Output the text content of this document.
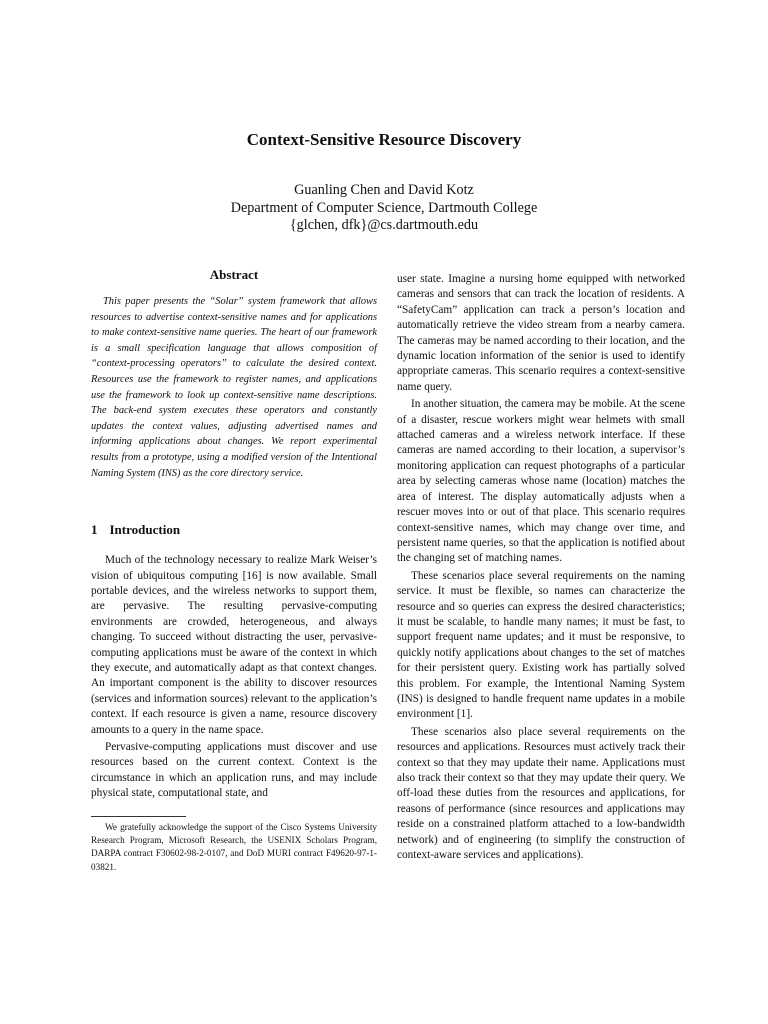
Context-Sensitive Resource Discovery
Guanling Chen and David Kotz
Department of Computer Science, Dartmouth College
{glchen, dfk}@cs.dartmouth.edu
Abstract

This paper presents the “Solar” system framework that allows resources to advertise context-sensitive names and for applications to make context-sensitive name queries. The heart of our framework is a small specification language that allows composition of “context-processing operators” to calculate the desired context. Resources use the framework to register names, and applications use the framework to look up context-sensitive name descriptions. The back-end system executes these operators and constantly updates the context values, adjusting advertised names and informing applications about changes. We report experimental results from a prototype, using a modified version of the Intentional Naming System (INS) as the core directory service.

1 Introduction

Much of the technology necessary to realize Mark Weiser’s vision of ubiquitous computing [16] is now available. Small portable devices, and the wireless networks to support them, are pervasive. The resulting pervasive-computing environments are crowded, heterogeneous, and always changing. To succeed without distracting the user, pervasive-computing applications must be aware of the context in which they execute, and automatically adapt as that context changes. An important component is the ability to discover resources (services and information sources) relevant to the application’s context. If each resource is given a name, resource discovery amounts to a query in the name space.

Pervasive-computing applications must discover and use resources based on the current context. Context is the circumstance in which an application runs, and may include physical state, computational state, and

We gratefully acknowledge the support of the Cisco Systems University Research Program, Microsoft Research, the USENIX Scholars Program, DARPA contract F30602-98-2-0107, and DoD MURI contract F49620-97-1-03821.

user state. Imagine a nursing home equipped with networked cameras and sensors that can track the location of residents. A “SafetyCam” application can track a person’s location and automatically retrieve the video stream from a nearby camera. The cameras may be named according to their location, and the dynamic location information of the senior is used to identify appropriate cameras. This scenario requires a context-sensitive name query.

In another situation, the camera may be mobile. At the scene of a disaster, rescue workers might wear helmets with small attached cameras and a wireless network interface. If these cameras are named according to their location, a supervisor’s monitoring application can request photographs of a particular area by selecting cameras whose name (location) matches the area of interest. The display automatically adjusts when a rescuer moves into or out of that place. This scenario requires context-sensitive names, which may change over time, and persistent name queries, so that the application is notified about the changing set of matching names.

These scenarios place several requirements on the naming service. It must be flexible, so names can characterize the resource and so queries can express the desired characteristics; it must be scalable, to handle many names; it must be fast, to support frequent name updates; and it must be responsive, to quickly notify applications about changes to the set of matches for their persistent query. Existing work has partially solved this problem. For example, the Intentional Naming System (INS) is designed to handle frequent name updates in a mobile environment [1].

These scenarios also place several requirements on the resources and applications. Resources must actively track their context so that they may update their name. Applications must also track their context so that they may update their query. We off-load these duties from the resources and applications, for reasons of performance (since resources and applications may reside on a constrained platform attached to a low-bandwidth network) and of engineering (to simplify the construction of context-aware services and applications).
